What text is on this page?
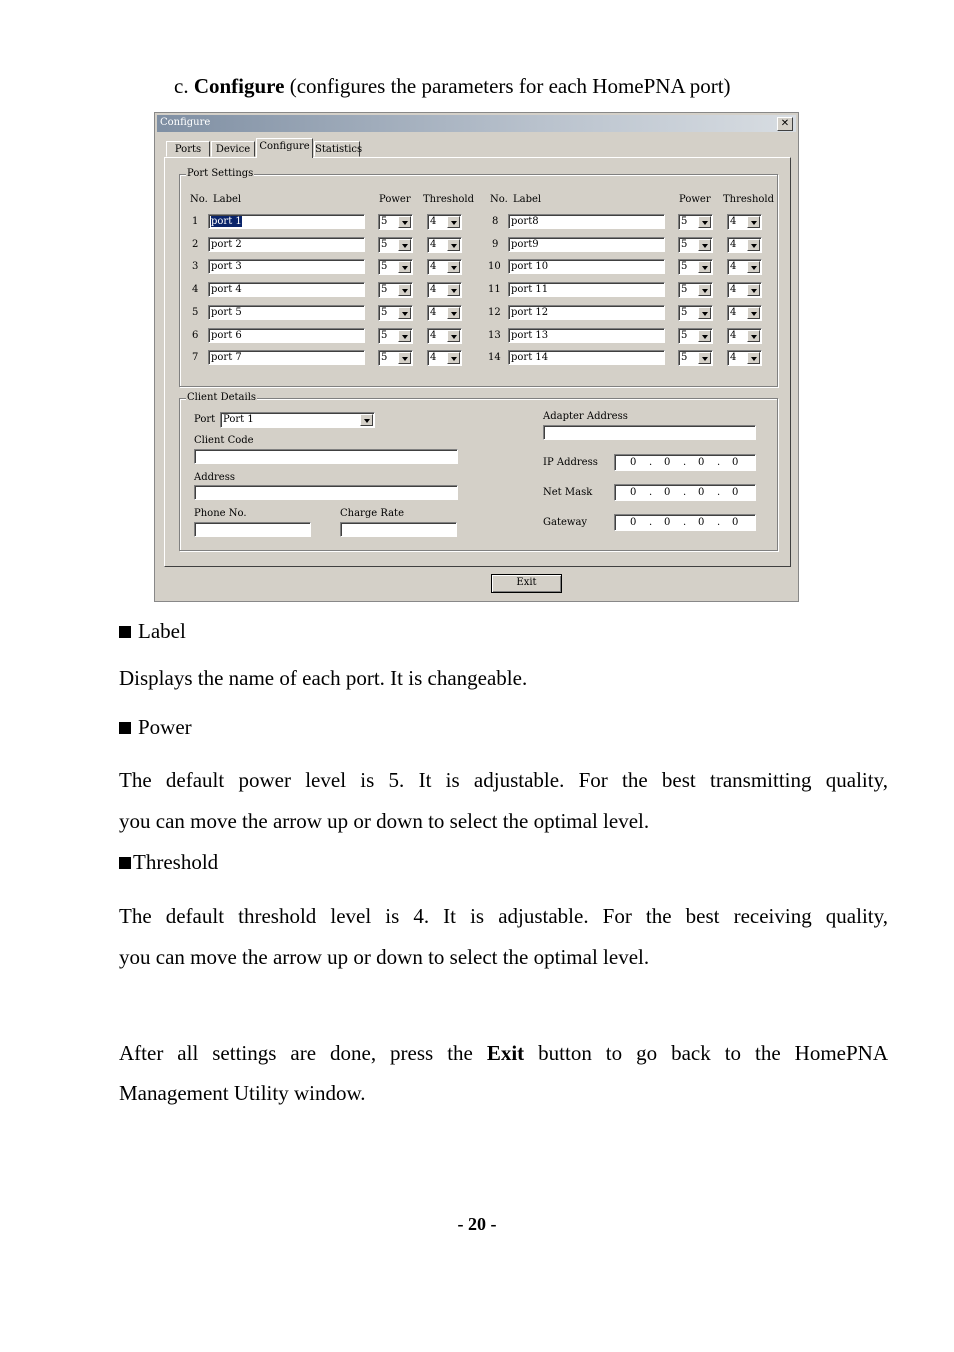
c. Configure (configures the parameters for each HomePNA port)
Configure	✕
Ports	Device Configure Statistics
Port Settings
No. Label	Power Threshold No. Label	Power Threshold
1	port 1	5	4
2	port 2	5	4
3	port 3	5	4
4	port 4	5	4
5	port 5	5	4
6	port 6	5	4
7	port 7	5	4
8	port8	5	4
9	port9	5	4
10	port 10	5	4
11	port 11	5	4
12	port 12	5	4
13	port 13	5	4
14	port 14	5	4
Client Details
Port Port 1
Client Code
Address
Phone No.	Charge Rate
Adapter Address
IP Address	0 . 0 . 0 . 0
Net Mask	0 . 0 . 0 . 0
Gateway	0 . 0 . 0 . 0
Exit
Label
Displays the name of each port. It is changeable.
Power
The default power level is 5. It is adjustable. For the best transmitting quality,
you can move the arrow up or down to select the optimal level.
Threshold
The default threshold level is 4. It is adjustable. For the best receiving quality,
you can move the arrow up or down to select the optimal level.
After all settings are done, press the Exit button to go back to the HomePNA
Management Utility window.
- 20 -
